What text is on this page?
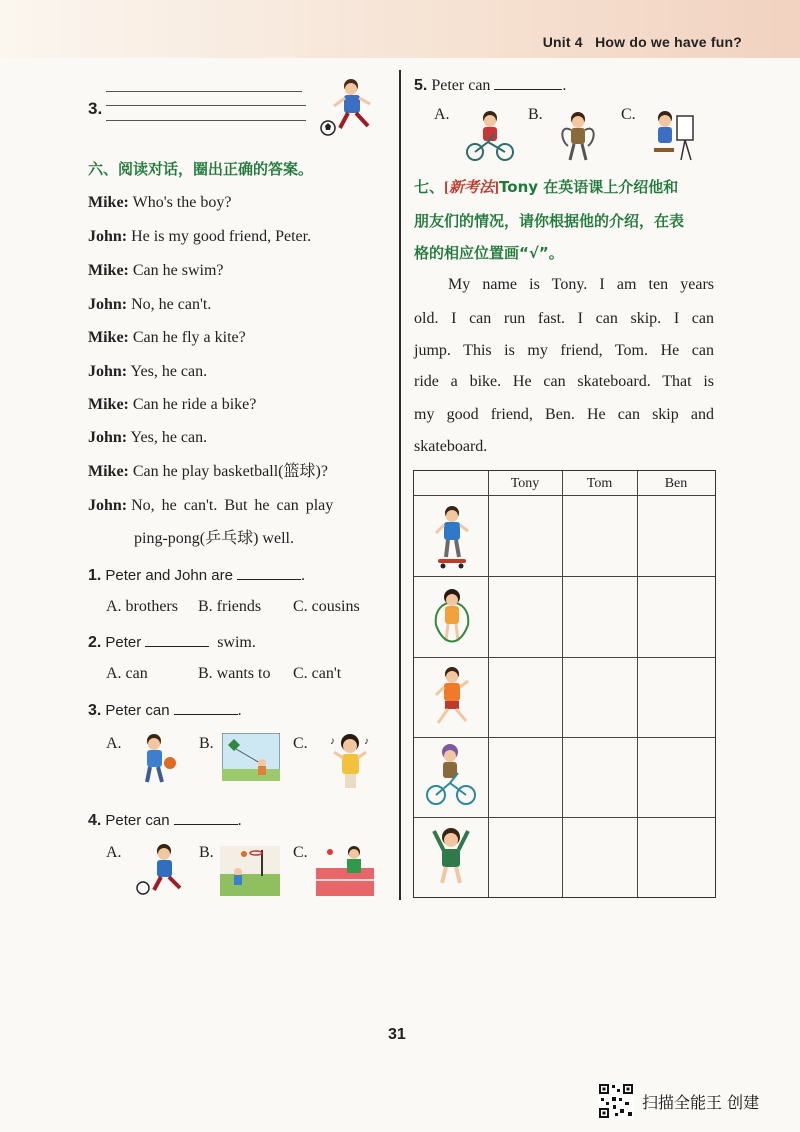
Unit 4 How do we have fun?
3.
六、阅读对话，圈出正确的答案。
Mike: Who's the boy?
John: He is my good friend, Peter.
Mike: Can he swim?
John: No, he can't.
Mike: Can he fly a kite?
John: Yes, he can.
Mike: Can he ride a bike?
John: Yes, he can.
Mike: Can he play basketball(篮球)?
John: No, he can't. But he can play
ping-pong(乒乓球) well.
1. Peter and John are	.
A. brothers B. friends C. cousins
2. Peter	swim.
A. can	B. wants to C. can't
3. Peter can	.
A.	B.	C.	♪
♪
4. Peter can	.
A.	B.	C.
5. Peter can	.
A.	B.	C.
七、[新考法]Tony 在英语课上介绍他和
朋友们的情况，请你根据他的介绍，在表
格的相应位置画“√”。
My name is Tony. I am ten years
old. I can run fast. I can skip. I can
jump. This is my friend, Tom. He can
ride a bike. He can skateboard. That is
my good friend, Ben. He can skip and
skateboard.
Tony	Tom	Ben
31
扫描全能王 创建
